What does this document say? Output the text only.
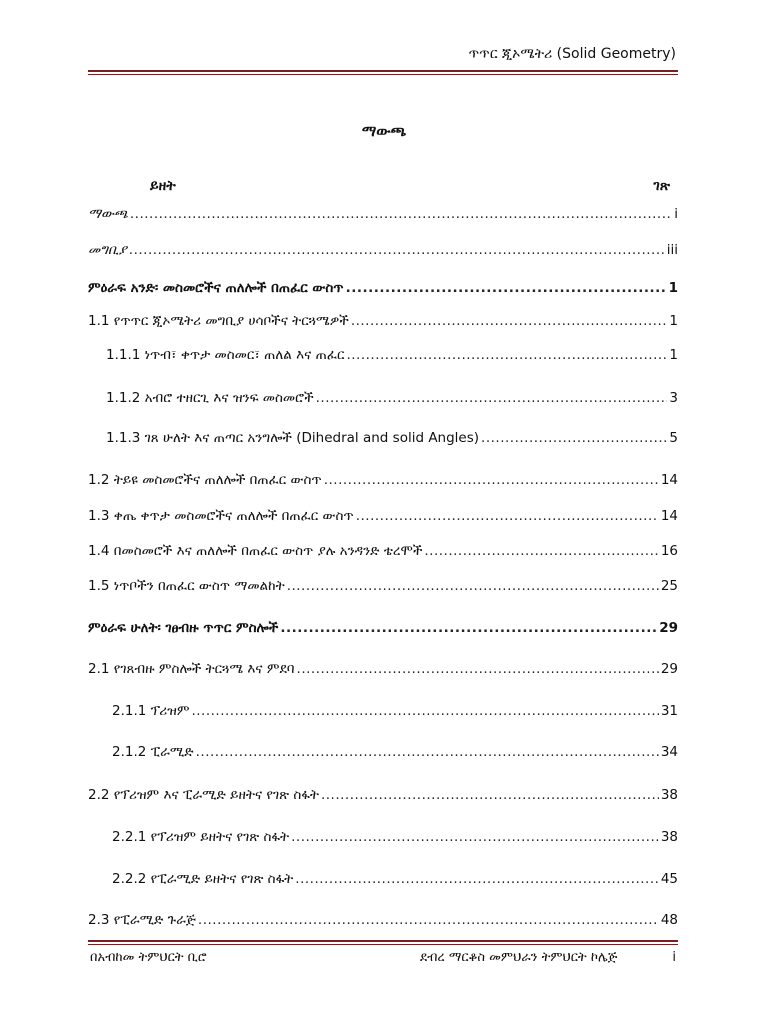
ጥጥር ጂኦሜትሪ (Solid Geometry)
ማውጫ
ይዘት	ገጽ
ማውጫ .....	i
መግቢያ .....	iii
ምዕራፍ አንድ፡ መስመሮችና ጠለሎች በጠፈር ውስጥ .....	1
1.1 የጥጥር ጂኦሜትሪ መግቢያ ሀሳቦችና ትርጓሜዎች .....	1
1.1.1 ነጥብ፣ ቀጥታ መስመር፣ ጠለል እና ጠፈር .....	1
1.1.2 አብሮ ተዘርጊ እና ዝንፍ መስመሮች .....	3
1.1.3 ገጸ ሁለት እና ጠጣር አንግሎች (Dihedral and solid Angles) .....	5
1.2 ትይዩ መስመሮችና ጠለሎች በጠፈር ውስጥ .....	14
1.3 ቀጤ ቀጥታ መስመሮችና ጠለሎች በጠፈር ውስጥ .....	14
1.4 በመስመሮች እና ጠለሎች በጠፈር ውስጥ ያሉ አንዳንድ ቴረሞች .....	16
1.5 ነጥቦችን በጠፈር ውስጥ ማመልከት .....	25
ምዕራፍ ሁለት፡ ገፀብዙ ጥጥር ምስሎች .....	29
2.1 የገጸብዙ ምስሎች ትርጓሜ እና ምደባ .....	29
2.1.1 ፕሪዝም .....	31
2.1.2 ፒራሚድ .....	34
2.2 የፕሪዝም እና ፒራሚድ ይዘትና የገጽ ስፋት .....	38
2.2.1 የፕሪዝም ይዘትና የገጽ ስፋት .....	38
2.2.2 የፒራሚድ ይዘትና የገጽ ስፋት .....	45
2.3 የፒራሚድ ጉራጅ .....	48
በአብከመ ትምህርት ቢሮ	ደብረ ማርቆስ መምህራን ትምህርት ኮሌጅ	i
